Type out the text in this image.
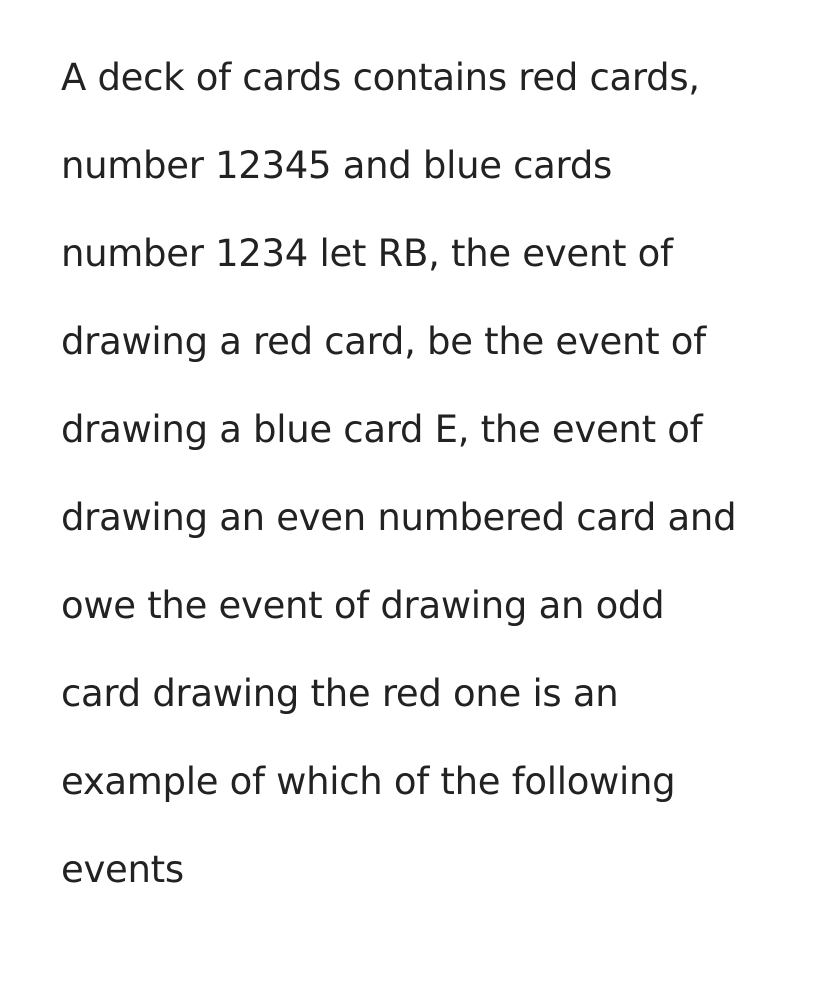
A deck of cards contains red cards,
number 12345 and blue cards
number 1234 let RB, the event of
drawing a red card, be the event of
drawing a blue card E, the event of
drawing an even numbered card and
owe the event of drawing an odd
card drawing the red one is an
example of which of the following
events
